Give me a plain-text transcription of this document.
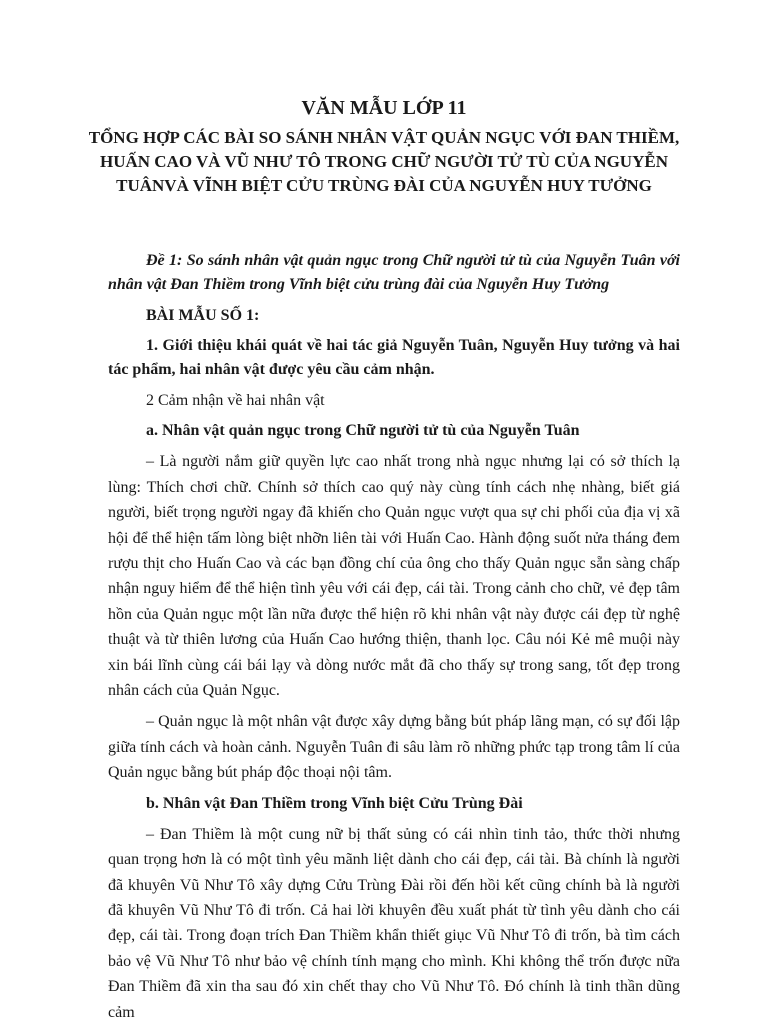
VĂN MẪU LỚP 11
TỔNG HỢP CÁC BÀI SO SÁNH NHÂN VẬT QUẢN NGỤC VỚI ĐAN THIỀM, HUẤN CAO VÀ VŨ NHƯ TÔ TRONG CHỮ NGƯỜI TỬ TÙ CỦA NGUYỄN TUÂNVÀ VĨNH BIỆT CỬU TRÙNG ĐÀI CỦA NGUYỄN HUY TƯỞNG

Đề 1: So sánh nhân vật quản ngục trong Chữ người tử tù của Nguyễn Tuân với nhân vật Đan Thiềm trong Vĩnh biệt cửu trùng đài của Nguyễn Huy Tưởng

BÀI MẪU SỐ 1:

1. Giới thiệu khái quát về hai tác giả Nguyễn Tuân, Nguyễn Huy tưởng và hai tác phẩm, hai nhân vật được yêu cầu cảm nhận.

2 Cảm nhận về hai nhân vật

a. Nhân vật quản ngục trong Chữ người tử tù của Nguyễn Tuân

– Là người nắm giữ quyền lực cao nhất trong nhà ngục nhưng lại có sở thích lạ lùng: Thích chơi chữ. Chính sở thích cao quý này cùng tính cách nhẹ nhàng, biết giá người, biết trọng người ngay đã khiến cho Quản ngục vượt qua sự chi phối của địa vị xã hội để thể hiện tấm lòng biệt nhỡn liên tài với Huấn Cao. Hành động suốt nửa tháng đem rượu thịt cho Huấn Cao và các bạn đồng chí của ông cho thấy Quản ngục sẵn sàng chấp nhận nguy hiểm để thể hiện tình yêu với cái đẹp, cái tài. Trong cảnh cho chữ, vẻ đẹp tâm hồn của Quản ngục một lần nữa được thể hiện rõ khi nhân vật này được cái đẹp từ nghệ thuật và từ thiên lương của Huấn Cao hướng thiện, thanh lọc. Câu nói Kẻ mê muội này xin bái lĩnh cùng cái bái lạy và dòng nước mắt đã cho thấy sự trong sang, tốt đẹp trong nhân cách của Quản Ngục.

– Quản ngục là một nhân vật được xây dựng bằng bút pháp lãng mạn, có sự đối lập giữa tính cách và hoàn cảnh. Nguyễn Tuân đi sâu làm rõ những phức tạp trong tâm lí của Quản ngục bằng bút pháp độc thoại nội tâm.

b. Nhân vật Đan Thiềm trong Vĩnh biệt Cửu Trùng Đài

– Đan Thiềm là một cung nữ bị thất sủng có cái nhìn tinh tảo, thức thời nhưng quan trọng hơn là có một tình yêu mãnh liệt dành cho cái đẹp, cái tài. Bà chính là người đã khuyên Vũ Như Tô xây dựng Cửu Trùng Đài rồi đến hồi kết cũng chính bà là người đã khuyên Vũ Như Tô đi trốn. Cả hai lời khuyên đều xuất phát từ tình yêu dành cho cái đẹp, cái tài. Trong đoạn trích Đan Thiềm khẩn thiết giục Vũ Như Tô đi trốn, bà tìm cách bảo vệ Vũ Như Tô như bảo vệ chính tính mạng cho mình. Khi không thể trốn được nữa Đan Thiềm đã xin tha sau đó xin chết thay cho Vũ Như Tô. Đó chính là tinh thần dũng cảm
